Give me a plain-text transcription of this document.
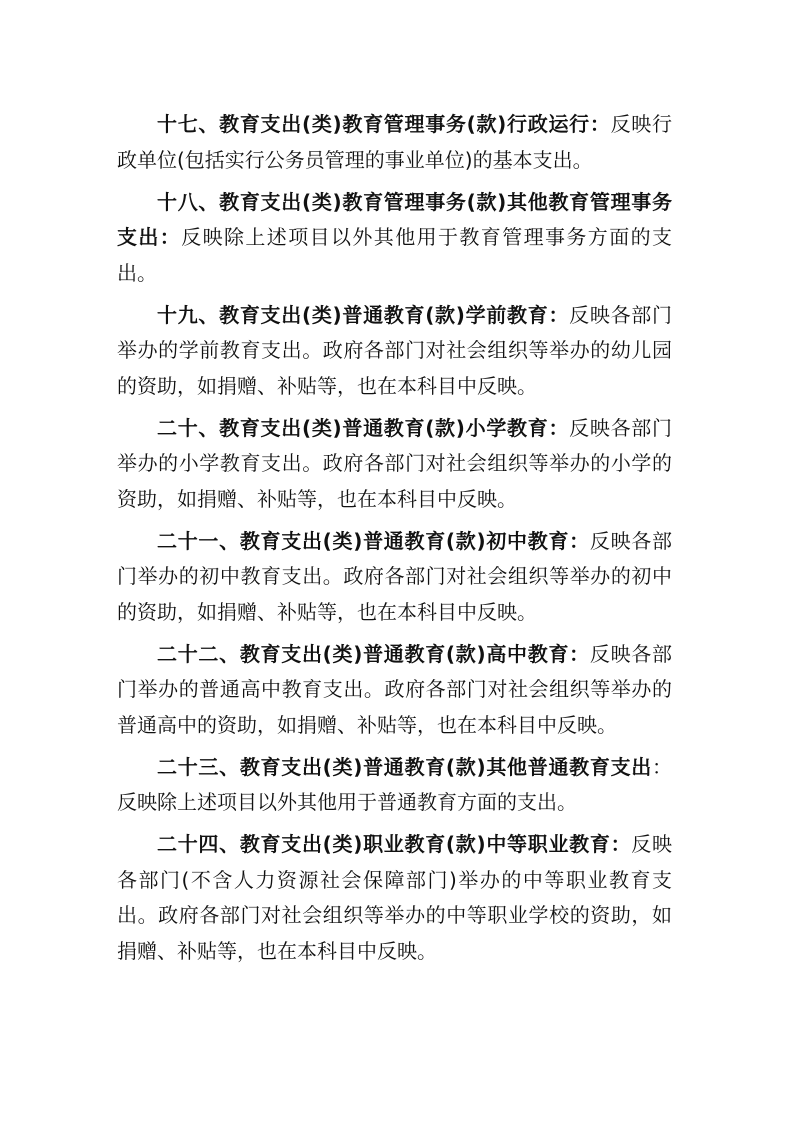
十七、教育支出(类)教育管理事务(款)行政运行：反映行政单位(包括实行公务员管理的事业单位)的基本支出。

十八、教育支出(类)教育管理事务(款)其他教育管理事务支出：反映除上述项目以外其他用于教育管理事务方面的支出。

十九、教育支出(类)普通教育(款)学前教育：反映各部门举办的学前教育支出。政府各部门对社会组织等举办的幼儿园的资助，如捐赠、补贴等，也在本科目中反映。

二十、教育支出(类)普通教育(款)小学教育：反映各部门举办的小学教育支出。政府各部门对社会组织等举办的小学的资助，如捐赠、补贴等，也在本科目中反映。

二十一、教育支出(类)普通教育(款)初中教育：反映各部门举办的初中教育支出。政府各部门对社会组织等举办的初中的资助，如捐赠、补贴等，也在本科目中反映。

二十二、教育支出(类)普通教育(款)高中教育：反映各部门举办的普通高中教育支出。政府各部门对社会组织等举办的普通高中的资助，如捐赠、补贴等，也在本科目中反映。

二十三、教育支出(类)普通教育(款)其他普通教育支出：反映除上述项目以外其他用于普通教育方面的支出。

二十四、教育支出(类)职业教育(款)中等职业教育：反映各部门(不含人力资源社会保障部门)举办的中等职业教育支出。政府各部门对社会组织等举办的中等职业学校的资助，如捐赠、补贴等，也在本科目中反映。
